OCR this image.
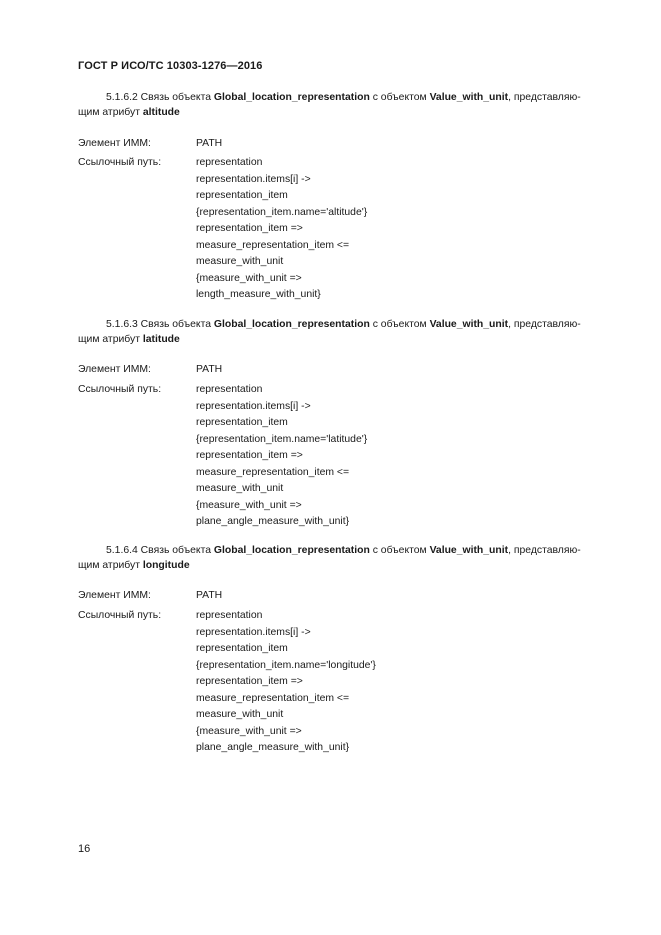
ГОСТ Р ИСО/ТС 10303-1276—2016

5.1.6.2 Связь объекта Global_location_representation с объектом Value_with_unit, представляю-
щим атрибут altitude

Элемент ИММ:	PATH
Ссылочный путь:	representation
representation.items[i] ->
representation_item
{representation_item.name='altitude'}
representation_item =>
measure_representation_item <=
measure_with_unit
{measure_with_unit =>
length_measure_with_unit}

5.1.6.3 Связь объекта Global_location_representation с объектом Value_with_unit, представляю-
щим атрибут latitude

Элемент ИММ:	PATH
Ссылочный путь:	representation
representation.items[i] ->
representation_item
{representation_item.name='latitude'}
representation_item =>
measure_representation_item <=
measure_with_unit
{measure_with_unit =>
plane_angle_measure_with_unit}

5.1.6.4 Связь объекта Global_location_representation с объектом Value_with_unit, представляю-
щим атрибут longitude

Элемент ИММ:	PATH
Ссылочный путь:	representation
representation.items[i] ->
representation_item
{representation_item.name='longitude'}
representation_item =>
measure_representation_item <=
measure_with_unit
{measure_with_unit =>
plane_angle_measure_with_unit}
16
